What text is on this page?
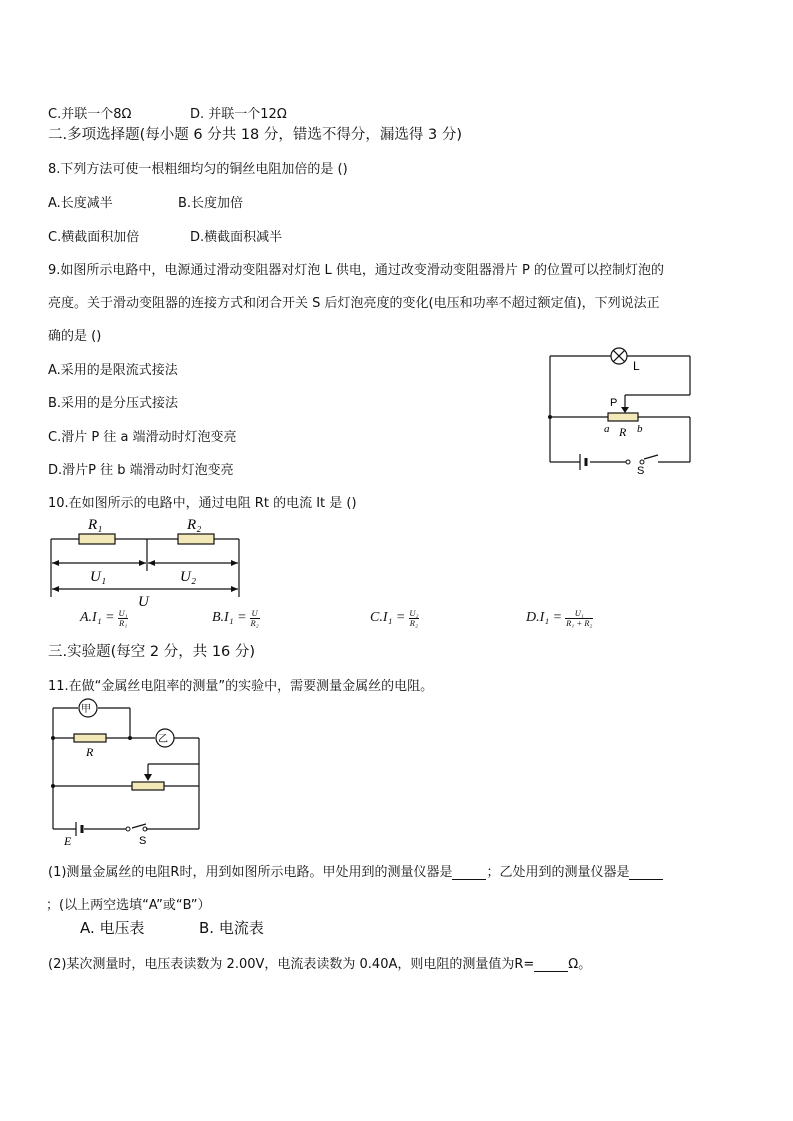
C.并联一个8Ω	D. 并联一个12Ω
二.多项选择题(每小题 6 分共 18 分，错选不得分，漏选得 3 分)
8.下列方法可使一根粗细均匀的铜丝电阻加倍的是 ()
A.长度减半	B.长度加倍
C.横截面积加倍	D.横截面积减半
9.如图所示电路中，电源通过滑动变阻器对灯泡 L 供电，通过改变滑动变阻器滑片 P 的位置可以控制灯泡的
亮度。关于滑动变阻器的连接方式和闭合开关 S 后灯泡亮度的变化(电压和功率不超过额定值)，下列说法正
确的是 ()
A.采用的是限流式接法
B.采用的是分压式接法
C.滑片 P 往 a 端滑动时灯泡变亮
D.滑片P 往 b 端滑动时灯泡变亮
L
P
a R b
S
10.在如图所示的电路中，通过电阻 Rt 的电流 It 是 ()
R₁	R₂
U₁	U₂
U
$A.I_1 = \frac{\text{U₁}}{\text{R₁}}$	$B.I_1 = \frac{U}{\text{R₂}}$	$C.I_1 = \frac{\text{U₂}}{\text{R₂}}$	$D.I_1 = \frac{\text{U₁}}{\text{R₁ + R₂}}$
三.实验题(每空 2 分，共 16 分)
11.在做“金属丝电阻率的测量”的实验中，需要测量金属丝的电阻。
甲
乙
R
E	S
(1)测量金属丝的电阻R时，用到如图所示电路。甲处用到的测量仪器是	；乙处用到的测量仪器是
；(以上两空选填“A”或“B”）
A. 电压表	B. 电流表
(2)某次测量时，电压表读数为 2.00V，电流表读数为 0.40A，则电阻的测量值为R=	Ω。
